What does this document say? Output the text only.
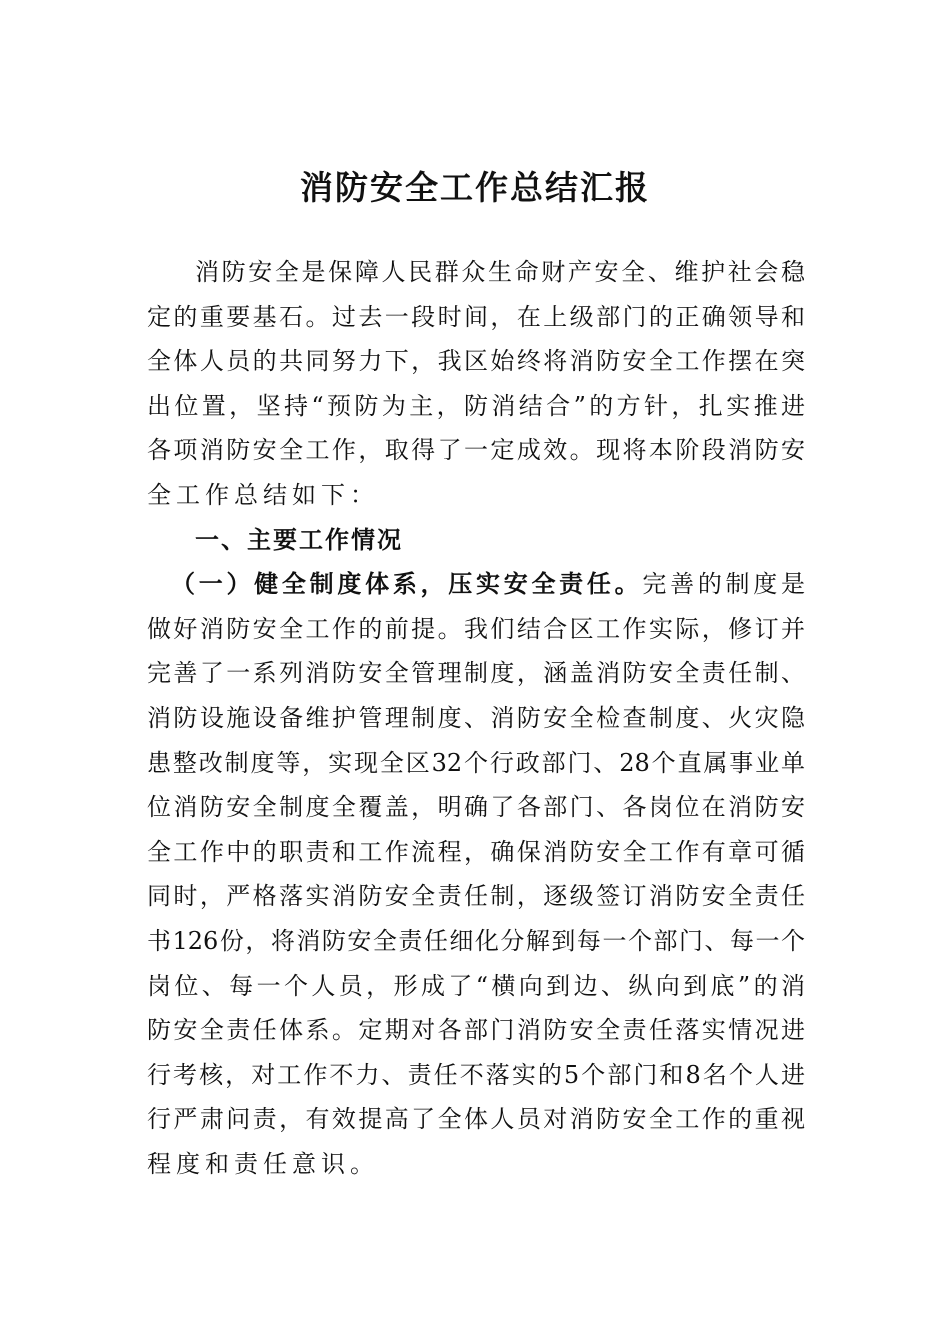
消防安全工作总结汇报
消防安全是保障人民群众生命财产安全、维护社会稳
定的重要基石。过去一段时间，在上级部门的正确领导和
全体人员的共同努力下，我区始终将消防安全工作摆在突
出位置，坚持“预防为主，防消结合”的方针，扎实推进
各项消防安全工作，取得了一定成效。现将本阶段消防安
全工作总结如下：
一、主要工作情况
（一）健全制度体系，压实安全责任。完善的制度是
做好消防安全工作的前提。我们结合区工作实际，修订并
完善了一系列消防安全管理制度，涵盖消防安全责任制、
消防设施设备维护管理制度、消防安全检查制度、火灾隐
患整改制度等，实现全区32个行政部门、28个直属事业单
位消防安全制度全覆盖，明确了各部门、各岗位在消防安
全工作中的职责和工作流程，确保消防安全工作有章可循
同时，严格落实消防安全责任制，逐级签订消防安全责任
书126份，将消防安全责任细化分解到每一个部门、每一个
岗位、每一个人员，形成了“横向到边、纵向到底”的消
防安全责任体系。定期对各部门消防安全责任落实情况进
行考核，对工作不力、责任不落实的5个部门和8名个人进
行严肃问责，有效提高了全体人员对消防安全工作的重视
程度和责任意识。
